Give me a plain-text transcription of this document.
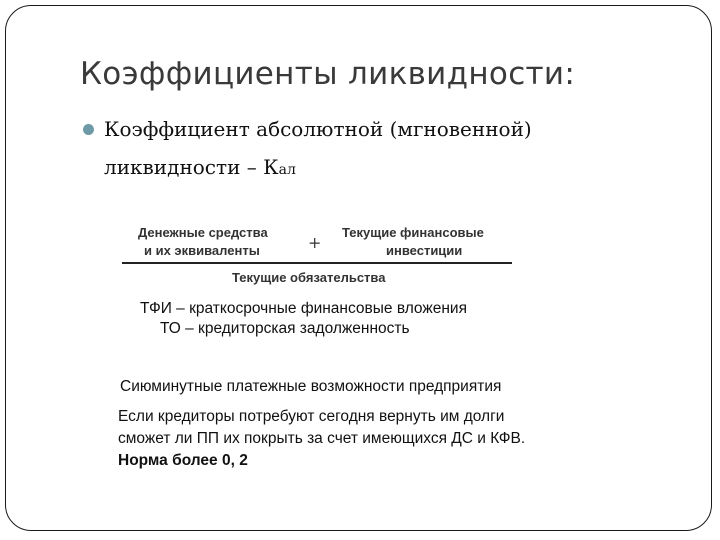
Коэффициенты ликвидности:
Коэффициент абсолютной (мгновенной)
ликвидности – Кал
Денежные средства
и их эквиваленты	+
Текущие финансовые
инвестиции
Текущие обязательства
ТФИ – краткосрочные финансовые вложения
ТО – кредиторская задолженность
Сиюминутные платежные возможности предприятия
Если кредиторы потребуют сегодня вернуть им долги
сможет ли ПП их покрыть за счет имеющихся ДС и КФВ.
Норма более 0, 2
